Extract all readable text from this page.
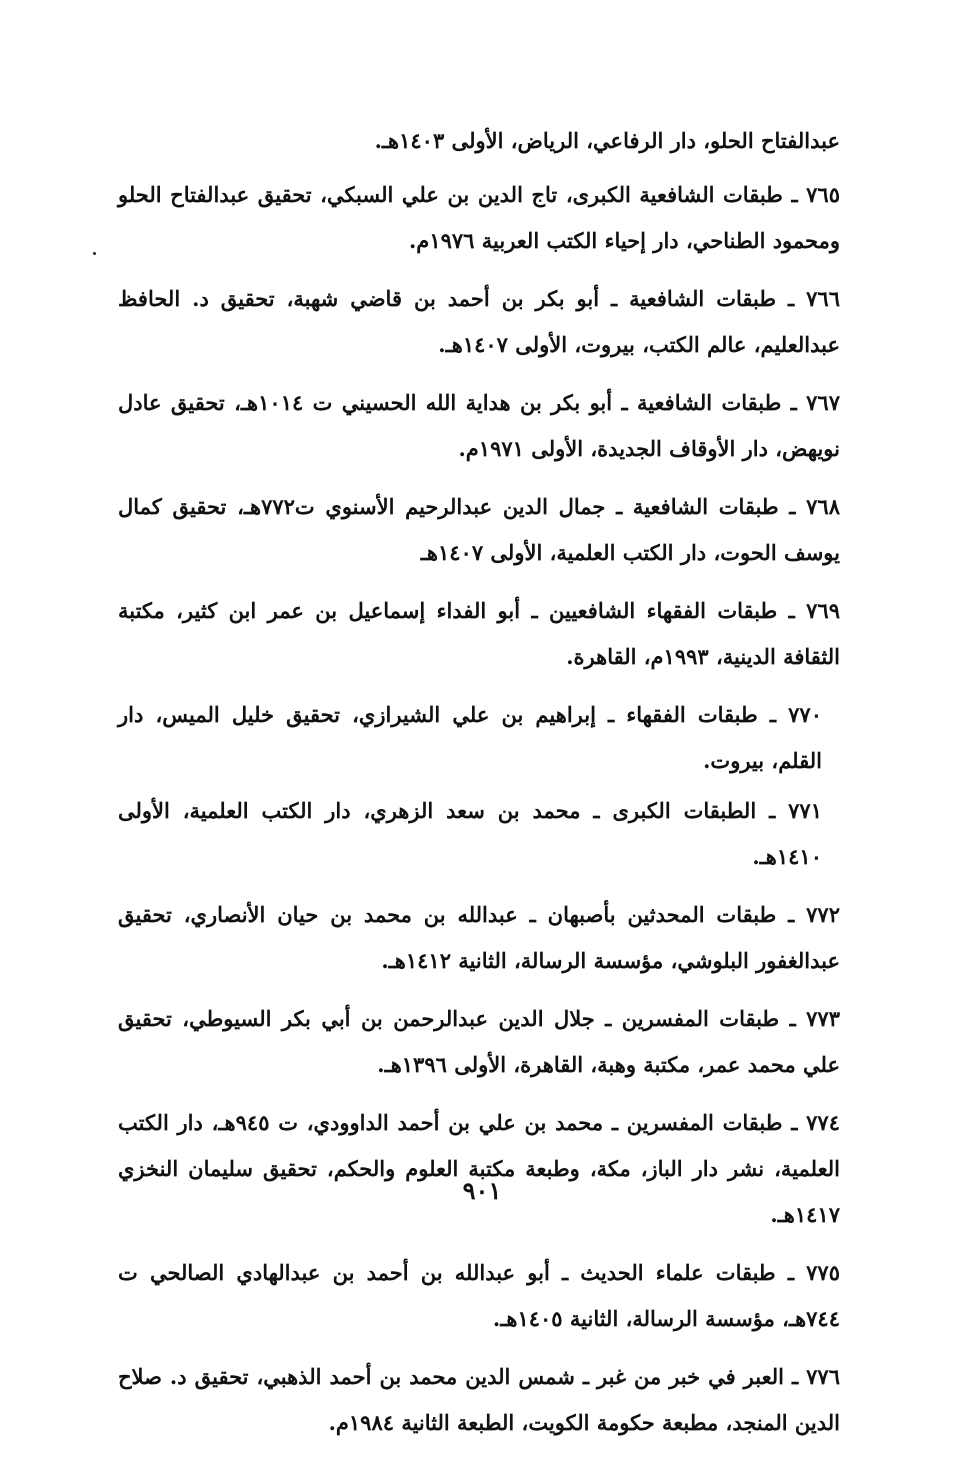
عبدالفتاح الحلو، دار الرفاعي، الرياض، الأولى ١٤٠٣هـ.

٧٦٥ ـ طبقات الشافعية الكبرى، تاج الدين بن علي السبكي، تحقيق عبدالفتاح الحلو ومحمود الطناحي، دار إحياء الكتب العربية ١٩٧٦م.

٧٦٦ ـ طبقات الشافعية ـ أبو بكر بن أحمد بن قاضي شهبة، تحقيق د. الحافظ عبدالعليم، عالم الكتب، بيروت، الأولى ١٤٠٧هـ.

٧٦٧ ـ طبقات الشافعية ـ أبو بكر بن هداية الله الحسيني ت ١٠١٤هـ، تحقيق عادل نويهض، دار الأوقاف الجديدة، الأولى ١٩٧١م.

٧٦٨ ـ طبقات الشافعية ـ جمال الدين عبدالرحيم الأسنوي ت٧٧٢هـ، تحقيق كمال يوسف الحوت، دار الكتب العلمية، الأولى ١٤٠٧هـ

٧٦٩ ـ طبقات الفقهاء الشافعيين ـ أبو الفداء إسماعيل بن عمر ابن كثير، مكتبة الثقافة الدينية، ١٩٩٣م، القاهرة.

٧٧٠ ـ طبقات الفقهاء ـ إبراهيم بن علي الشيرازي، تحقيق خليل الميس، دار القلم، بيروت.

٧٧١ ـ الطبقات الكبرى ـ محمد بن سعد الزهري، دار الكتب العلمية، الأولى ١٤١٠هـ.

٧٧٢ ـ طبقات المحدثين بأصبهان ـ عبدالله بن محمد بن حيان الأنصاري، تحقيق عبدالغفور البلوشي، مؤسسة الرسالة، الثانية ١٤١٢هـ.

٧٧٣ ـ طبقات المفسرين ـ جلال الدين عبدالرحمن بن أبي بكر السيوطي، تحقيق علي محمد عمر، مكتبة وهبة، القاهرة، الأولى ١٣٩٦هـ.

٧٧٤ ـ طبقات المفسرين ـ محمد بن علي بن أحمد الداوودي، ت ٩٤٥هـ، دار الكتب العلمية، نشر دار الباز، مكة، وطبعة مكتبة العلوم والحكم، تحقيق سليمان النخزي ١٤١٧هـ.

٧٧٥ ـ طبقات علماء الحديث ـ أبو عبدالله بن أحمد بن عبدالهادي الصالحي ت ٧٤٤هـ، مؤسسة الرسالة، الثانية ١٤٠٥هـ.

٧٧٦ ـ العبر في خبر من غبر ـ شمس الدين محمد بن أحمد الذهبي، تحقيق د. صلاح الدين المنجد، مطبعة حكومة الكويت، الطبعة الثانية ١٩٨٤م.

٩٠١
